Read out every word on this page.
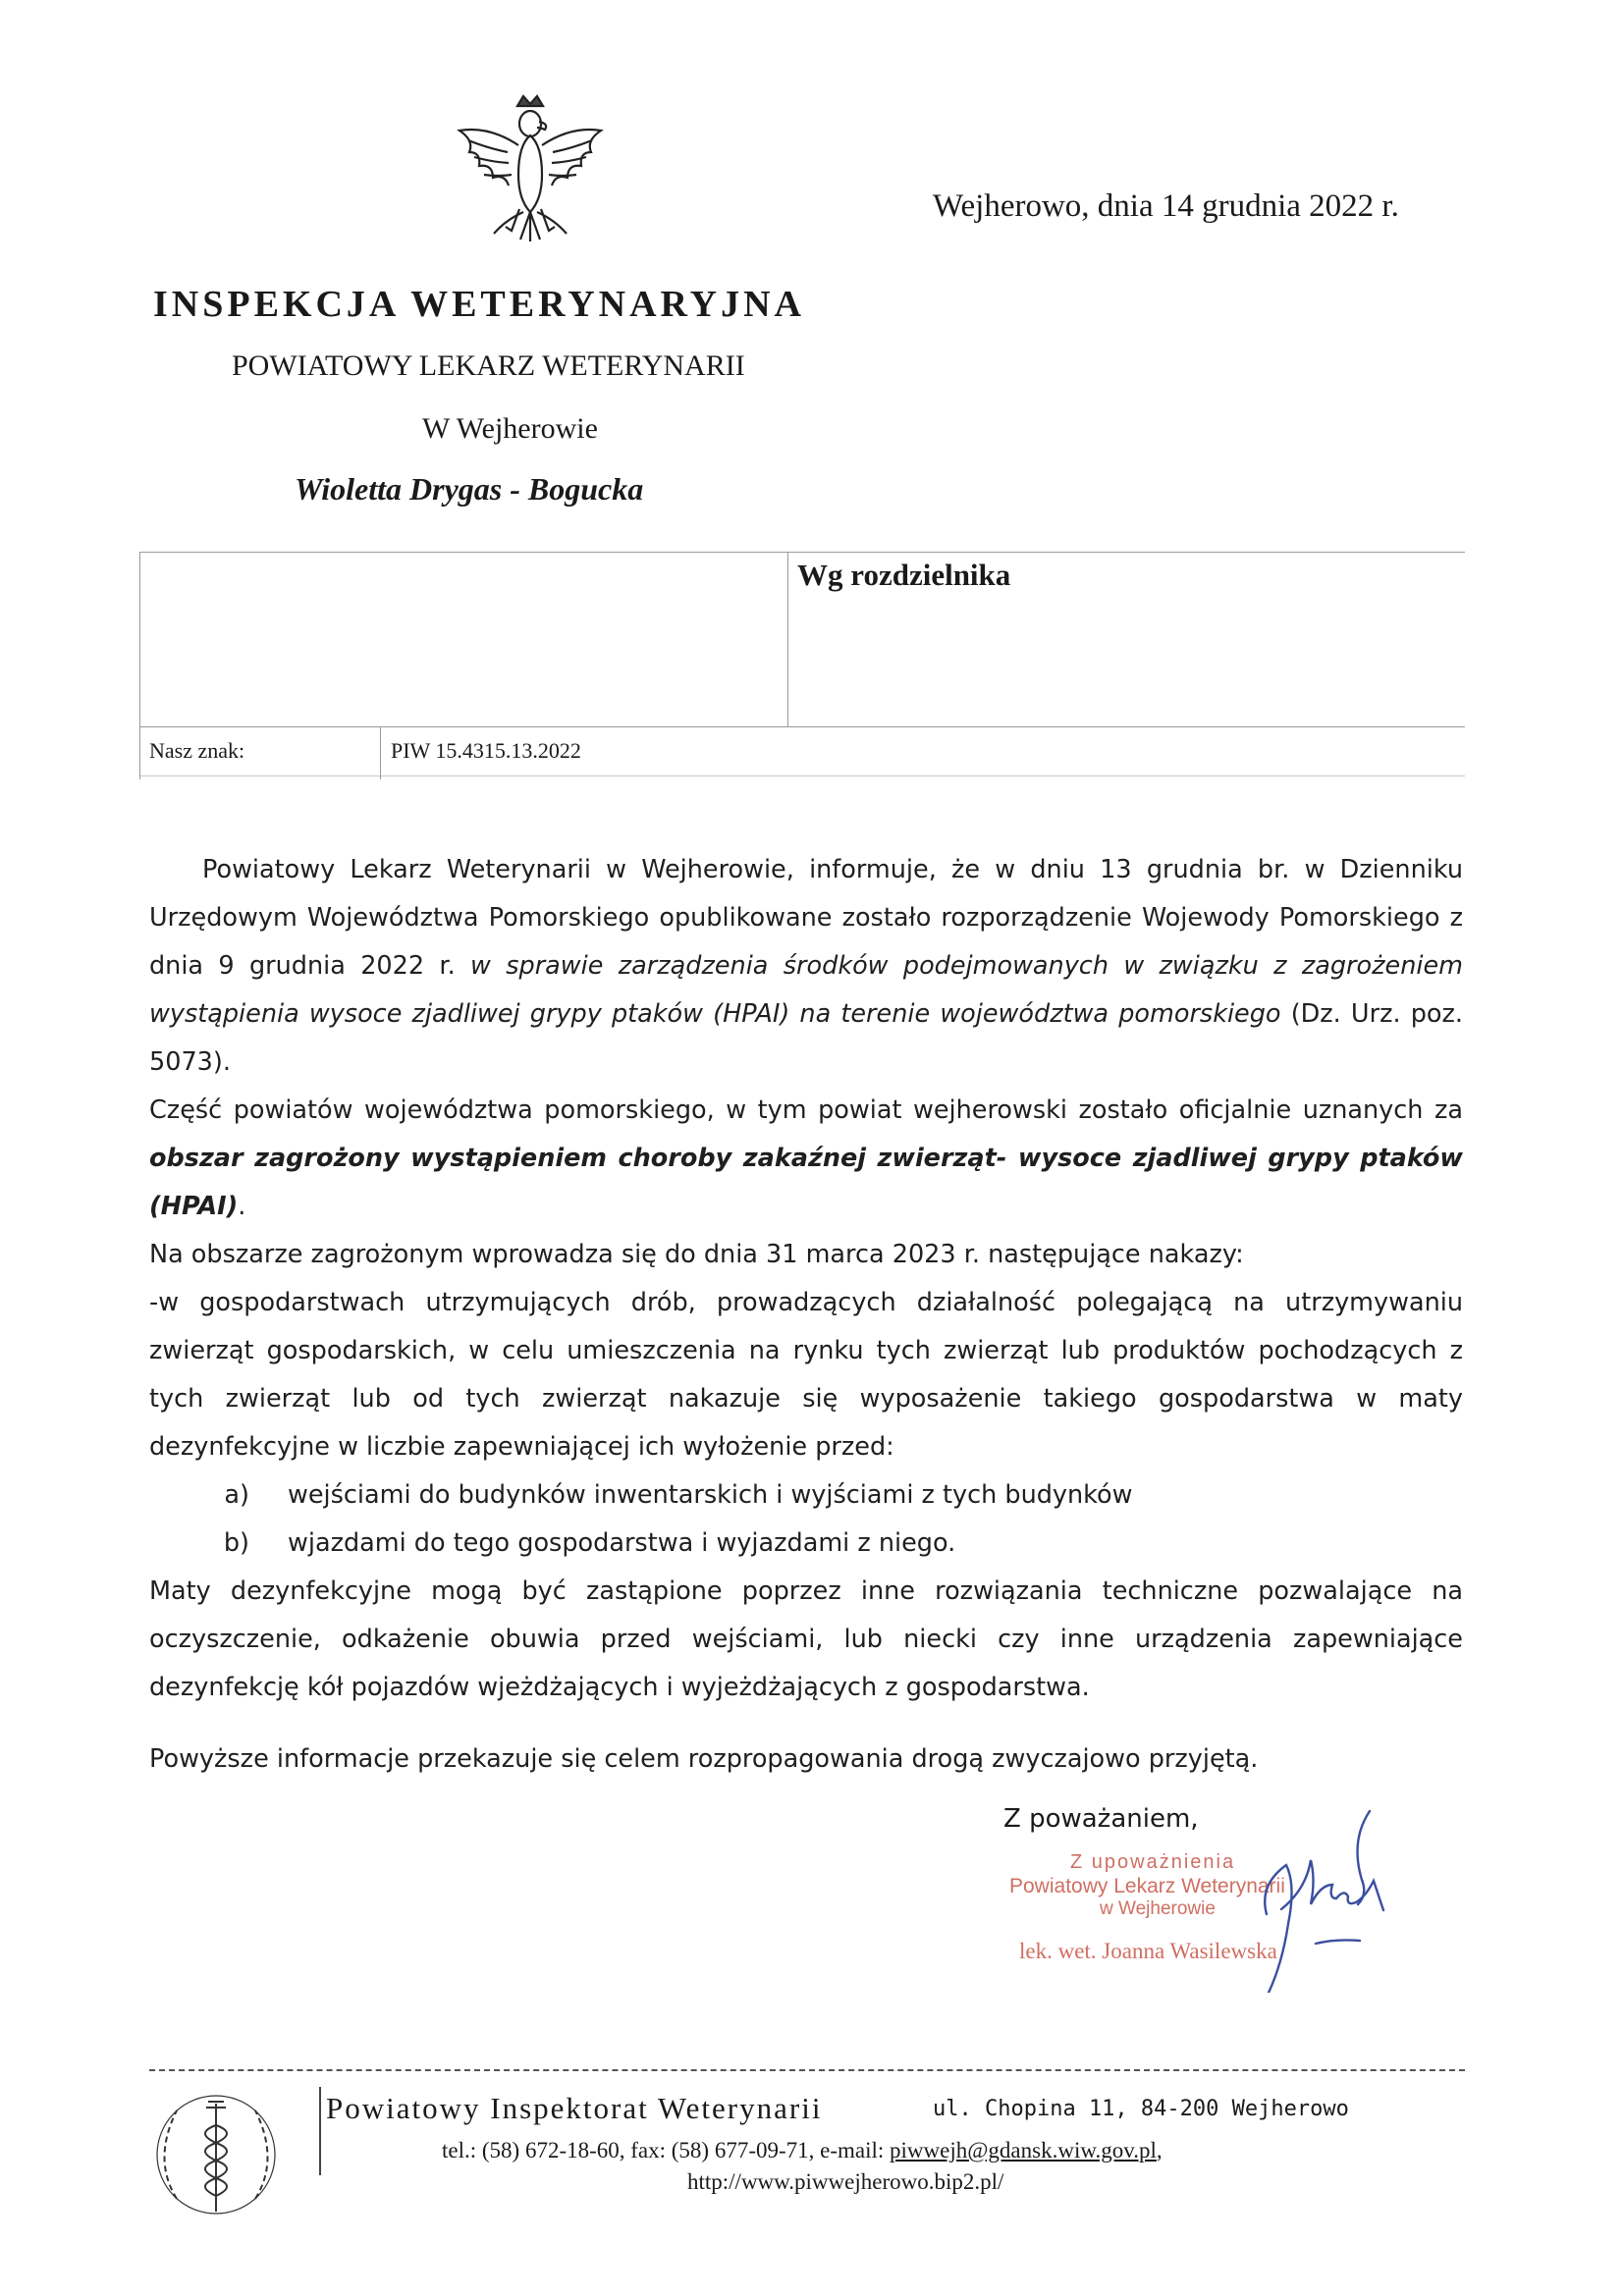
Wejherowo, dnia 14 grudnia 2022 r.
INSPEKCJA WETERYNARYJNA
POWIATOWY LEKARZ WETERYNARII
W Wejherowie
Wioletta Drygas - Bogucka
Wg rozdzielnika
Nasz znak:	PIW 15.4315.13.2022

Powiatowy Lekarz Weterynarii w Wejherowie, informuje, że w dniu 13 grudnia br. w Dzienniku Urzędowym Województwa Pomorskiego opublikowane zostało rozporządzenie Wojewody Pomorskiego z dnia 9 grudnia 2022 r. w sprawie zarządzenia środków podejmowanych w związku z zagrożeniem wystąpienia wysoce zjadliwej grypy ptaków (HPAI) na terenie województwa pomorskiego (Dz. Urz. poz. 5073).

Część powiatów województwa pomorskiego, w tym powiat wejherowski zostało oficjalnie uznanych za obszar zagrożony wystąpieniem choroby zakaźnej zwierząt- wysoce zjadliwej grypy ptaków (HPAI).

Na obszarze zagrożonym wprowadza się do dnia 31 marca 2023 r. następujące nakazy:

-w gospodarstwach utrzymujących drób, prowadzących działalność polegającą na utrzymywaniu zwierząt gospodarskich, w celu umieszczenia na rynku tych zwierząt lub produktów pochodzących z tych zwierząt lub od tych zwierząt nakazuje się wyposażenie takiego gospodarstwa w maty dezynfekcyjne w liczbie zapewniającej ich wyłożenie przed:

a) wejściami do budynków inwentarskich i wyjściami z tych budynków
b) wjazdami do tego gospodarstwa i wyjazdami z niego.

Maty dezynfekcyjne mogą być zastąpione poprzez inne rozwiązania techniczne pozwalające na oczyszczenie, odkażenie obuwia przed wejściami, lub niecki czy inne urządzenia zapewniające dezynfekcję kół pojazdów wjeżdżających i wyjeżdżających z gospodarstwa.

Powyższe informacje przekazuje się celem rozpropagowania drogą zwyczajowo przyjętą.

Z poważaniem,
Z upoważnienia
Powiatowy Lekarz Weterynarii
w Wejherowie
lek. wet. Joanna Wasilewska
Powiatowy Inspektorat Weterynarii	ul. Chopina 11, 84-200 Wejherowo
tel.: (58) 672-18-60, fax: (58) 677-09-71, e-mail: piwwejh@gdansk.wiw.gov.pl,
http://www.piwwejherowo.bip2.pl/
